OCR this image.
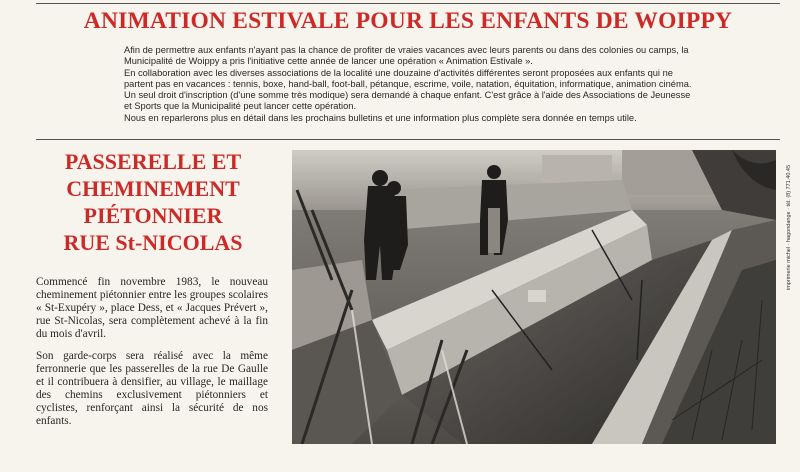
ANIMATION ESTIVALE POUR LES ENFANTS DE WOIPPY

Afin de permettre aux enfants n'ayant pas la chance de profiter de vraies vacances avec leurs parents ou dans des colonies ou camps, la Municipalité de Woippy a pris l'initiative cette année de lancer une opération « Animation Estivale ».

En collaboration avec les diverses associations de la localité une douzaine d'activités différentes seront proposées aux enfants qui ne partent pas en vacances : tennis, boxe, hand-ball, foot-ball, pétanque, escrime, voile, natation, équitation, informatique, animation cinéma.

Un seul droit d'inscription (d'une somme très modique) sera demandé à chaque enfant. C'est grâce à l'aide des Associations de Jeunesse et Sports que la Municipalité peut lancer cette opération.

Nous en reparlerons plus en détail dans les prochains bulletins et une information plus complète sera donnée en temps utile.

PASSERELLE ET
CHEMINEMENT
PIÉTONNIER
RUE St-NICOLAS

Commencé fin novembre 1983, le nouveau cheminement piétonnier entre les groupes scolaires « St-Exupéry », place Dess, et « Jacques Prévert », rue St-Nicolas, sera complètement achevé à la fin du mois d'avril.

Son garde-corps sera réalisé avec la même ferronnerie que les passerelles de la rue De Gaulle et il contribuera à densifier, au village, le maillage des chemins exclusivement piétonniers et cyclistes, renforçant ainsi la sécurité de nos enfants.

imprimerie michel · hagondange · tél. (8) 771.40.45
